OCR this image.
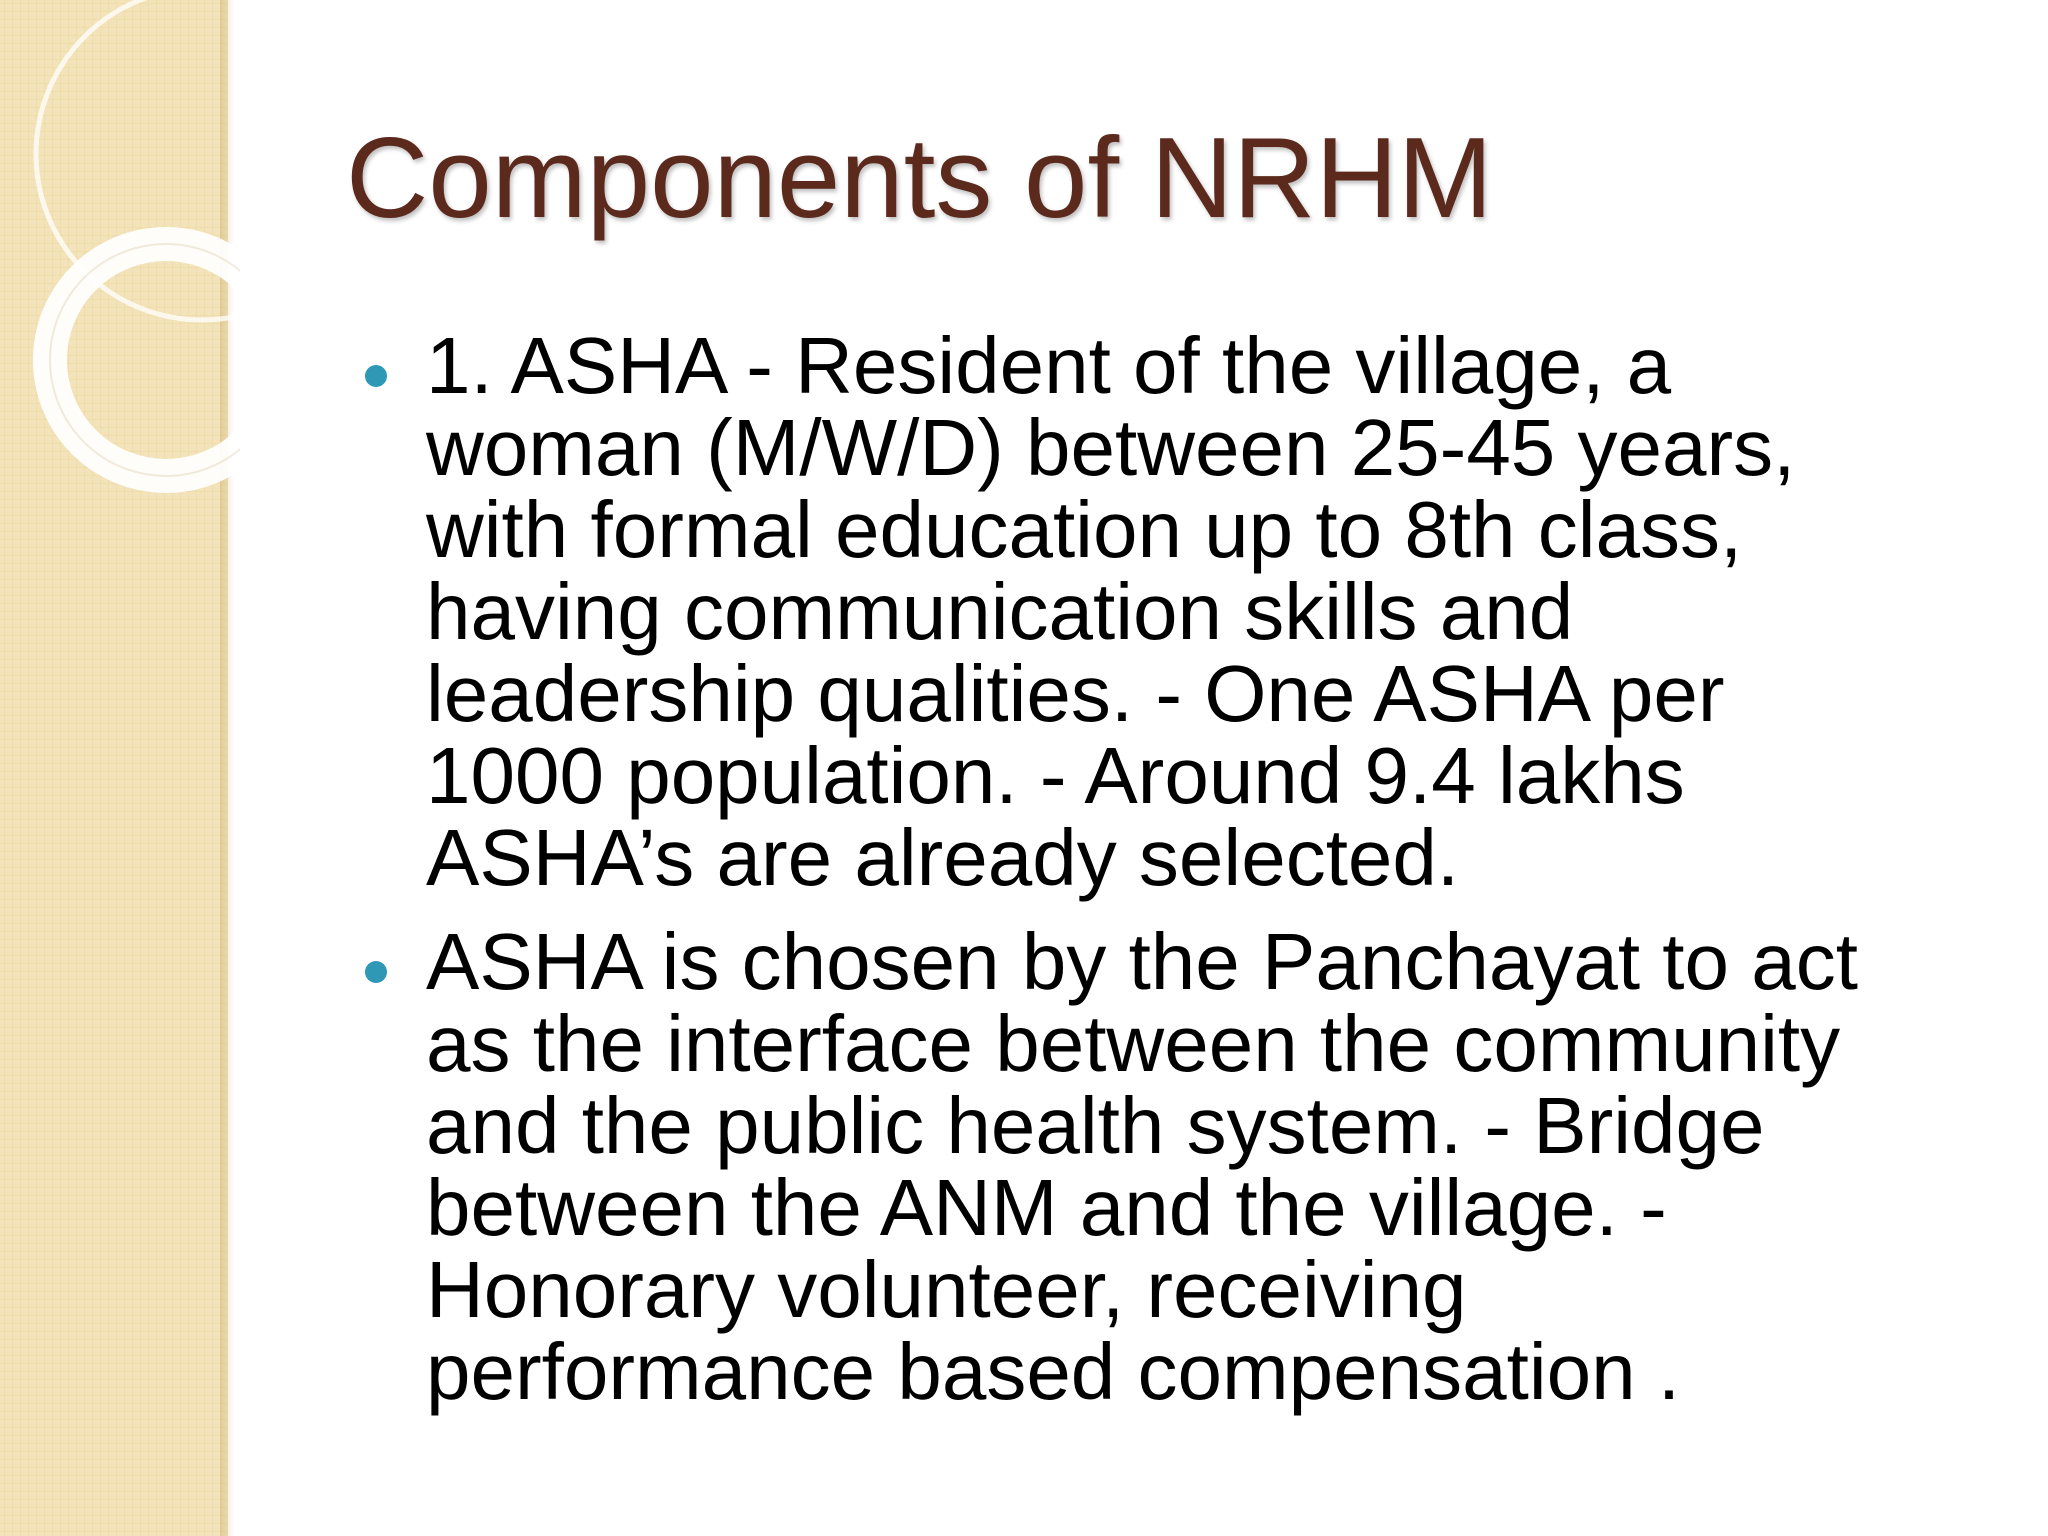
Components of NRHM
1. ASHA - Resident of the village, a
woman (M/W/D) between 25-45 years,
with formal education up to 8th class,
having communication skills and
leadership qualities. - One ASHA per
1000 population. - Around 9.4 lakhs
ASHA’s are already selected.
ASHA is chosen by the Panchayat to act
as the interface between the community
and the public health system. - Bridge
between the ANM and the village. -
Honorary volunteer, receiving
performance based compensation .
